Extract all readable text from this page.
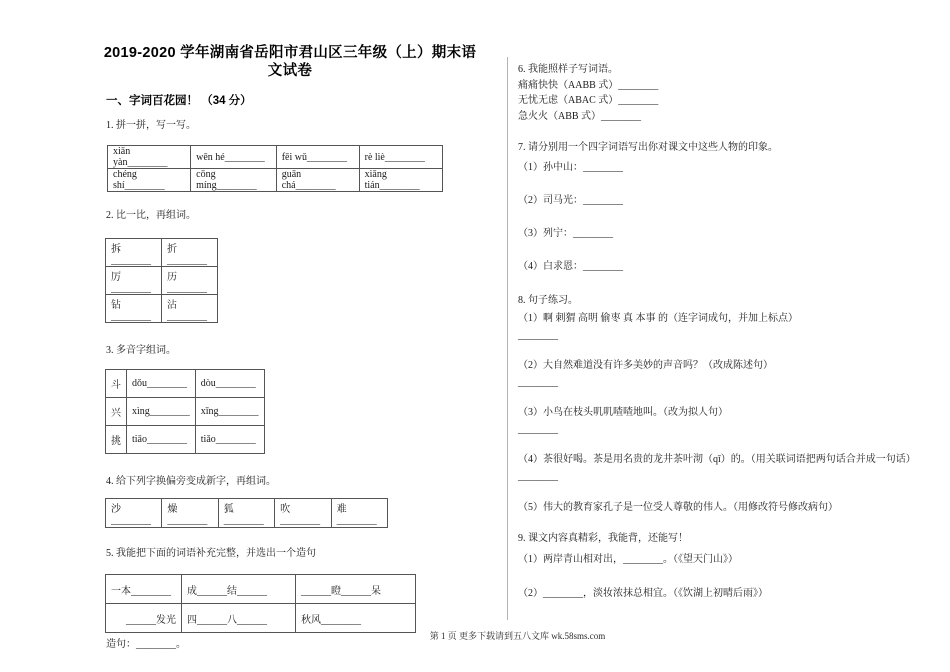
2019-2020 学年湖南省岳阳市君山区三年级（上）期末语文试卷
一、字词百花园！ （34 分）

1. 拼一拼，写一写。

xiān yàn________	wēn hé________	fēi wǔ________	rè liè________
chéng shí________	cōng míng________	guān chá________	xiāng tián________

2. 比一比，再组词。

拆________	折________
厉________	历________
钻________	沾________

3. 多音字组词。

斗	dǒu________	dòu________
兴	xìng________	xīng________
挑	tiāo________	tiǎo________

4. 给下列字换偏旁变成新字，再组词。

沙________	燥________	狐________	吹________	难________

5. 我能把下面的词语补充完整，并选出一个造句

一本________	成______结______	______瞪______呆
______发光	四______八______	秋风________

造句：________。

6. 我能照样子写词语。
痛痛快快（AABB 式）________
无忧无虑（ABAC 式）________
急火火（ABB 式）________
7. 请分别用一个四字词语写出你对课文中这些人物的印象。
（1）孙中山：________
（2）司马光：________
（3）列宁：________
（4）白求恩：________
8. 句子练习。
（1）啊 刺猬 高明 偷枣 真 本事 的（连字词成句，并加上标点）
________
（2）大自然难道没有许多美妙的声音吗？（改成陈述句）
________
（3）小鸟在枝头叽叽喳喳地叫。（改为拟人句）
________
（4）茶很好喝。茶是用名贵的龙井茶叶沏（qī）的。（用关联词语把两句话合并成一句话）
________
（5）伟大的教育家孔子是一位受人尊敬的伟人。（用修改符号修改病句）
9. 课文内容真精彩，我能背，还能写！
（1）两岸青山相对出，________。（《望天门山》）
（2）________，淡妆浓抹总相宜。（《饮湖上初晴后雨》）
第 1 页 更多下载请到五八文库 wk.58sms.com
